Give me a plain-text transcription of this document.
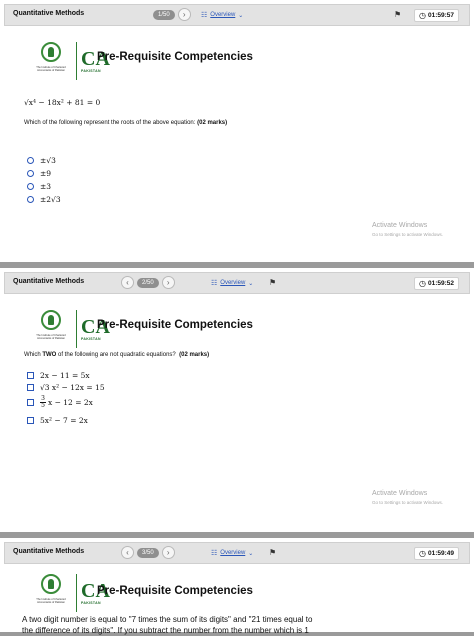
Quantitative Methods	1/50	›	☷ Overview ⌄	⚑ ◷ 01:59:57
The Institute of Chartered Accountants of Pakistan
CA
PAKISTAN
Pre-Requisite Competencies
√x⁴ − 18x² + 81 = 0
Which of the following represent the roots of the above equation: (02 marks)
±√3
±9
±3
±2√3
Activate Windows
Go to Settings to activate Windows.
Quantitative Methods	‹	2/50	›	☷ Overview ⌄ ⚑	◷ 01:59:52
The Institute of Chartered Accountants of Pakistan
CA
PAKISTAN
Pre-Requisite Competencies
Which TWO of the following are not quadratic equations? (02 marks)
2x − 11 = 5x
√3 x² − 12x = 15
$\frac{3}{5}$ x − 12 = 2x
5x² − 7 = 2x
Activate Windows
Go to Settings to activate Windows.
Quantitative Methods	‹	3/50	›	☷ Overview ⌄ ⚑	◷ 01:59:49
The Institute of Chartered Accountants of Pakistan
CA
PAKISTAN
Pre-Requisite Competencies
A two digit number is equal to "7 times the sum of its digits" and "21 times equal to
the difference of its digits". If you subtract the number from the number which is 1
